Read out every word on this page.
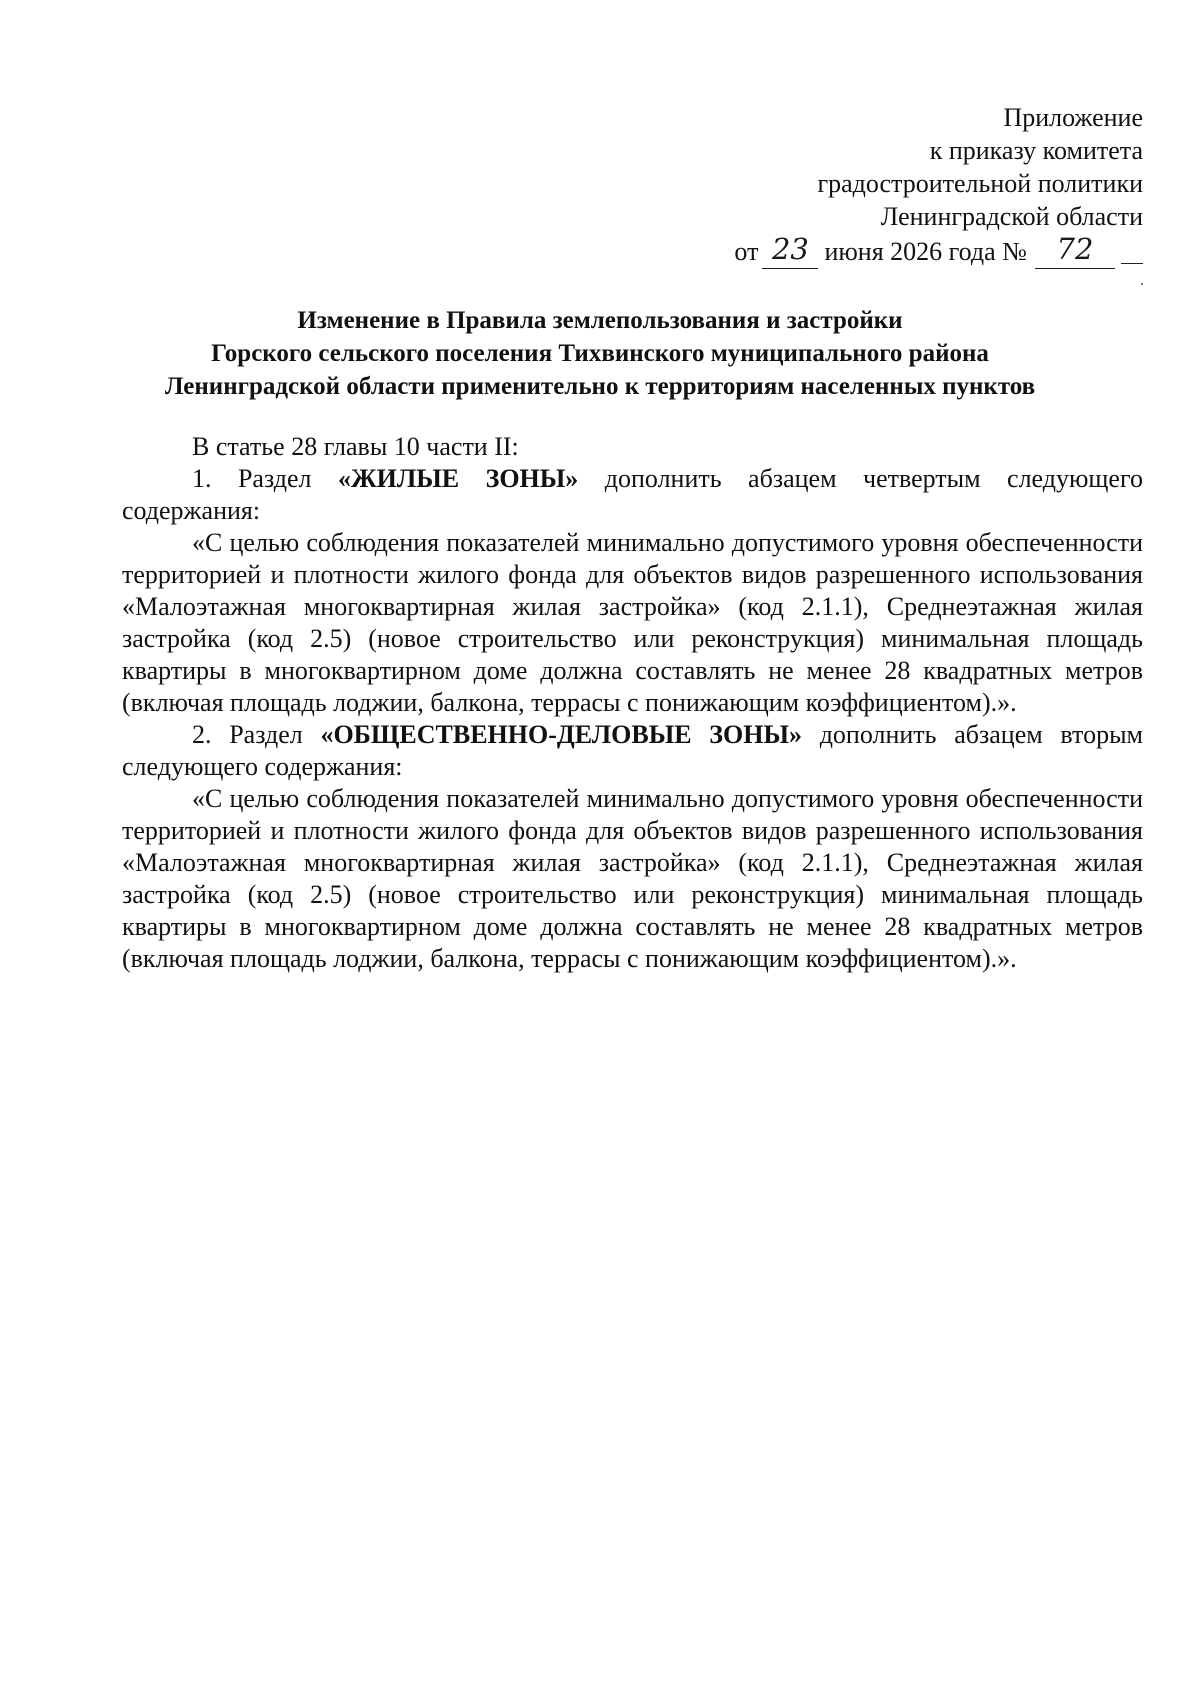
Приложение
к приказу комитета
градостроительной политики
Ленинградской области
от 23 июня 2026 года № 72
Изменение в Правила землепользования и застройки
Горского сельского поселения Тихвинского муниципального района
Ленинградской области применительно к территориям населенных пунктов

В статье 28 главы 10 части II:

1. Раздел «ЖИЛЫЕ ЗОНЫ» дополнить абзацем четвертым следующего содержания:

«С целью соблюдения показателей минимально допустимого уровня обеспеченности территорией и плотности жилого фонда для объектов видов разрешенного использования «Малоэтажная многоквартирная жилая застройка» (код 2.1.1), Среднеэтажная жилая застройка (код 2.5) (новое строительство или реконструкция) минимальная площадь квартиры в многоквартирном доме должна составлять не менее 28 квадратных метров (включая площадь лоджии, балкона, террасы с понижающим коэффициентом).».

2. Раздел «ОБЩЕСТВЕННО-ДЕЛОВЫЕ ЗОНЫ» дополнить абзацем вторым следующего содержания:

«С целью соблюдения показателей минимально допустимого уровня обеспеченности территорией и плотности жилого фонда для объектов видов разрешенного использования «Малоэтажная многоквартирная жилая застройка» (код 2.1.1), Среднеэтажная жилая застройка (код 2.5) (новое строительство или реконструкция) минимальная площадь квартиры в многоквартирном доме должна составлять не менее 28 квадратных метров (включая площадь лоджии, балкона, террасы с понижающим коэффициентом).».
